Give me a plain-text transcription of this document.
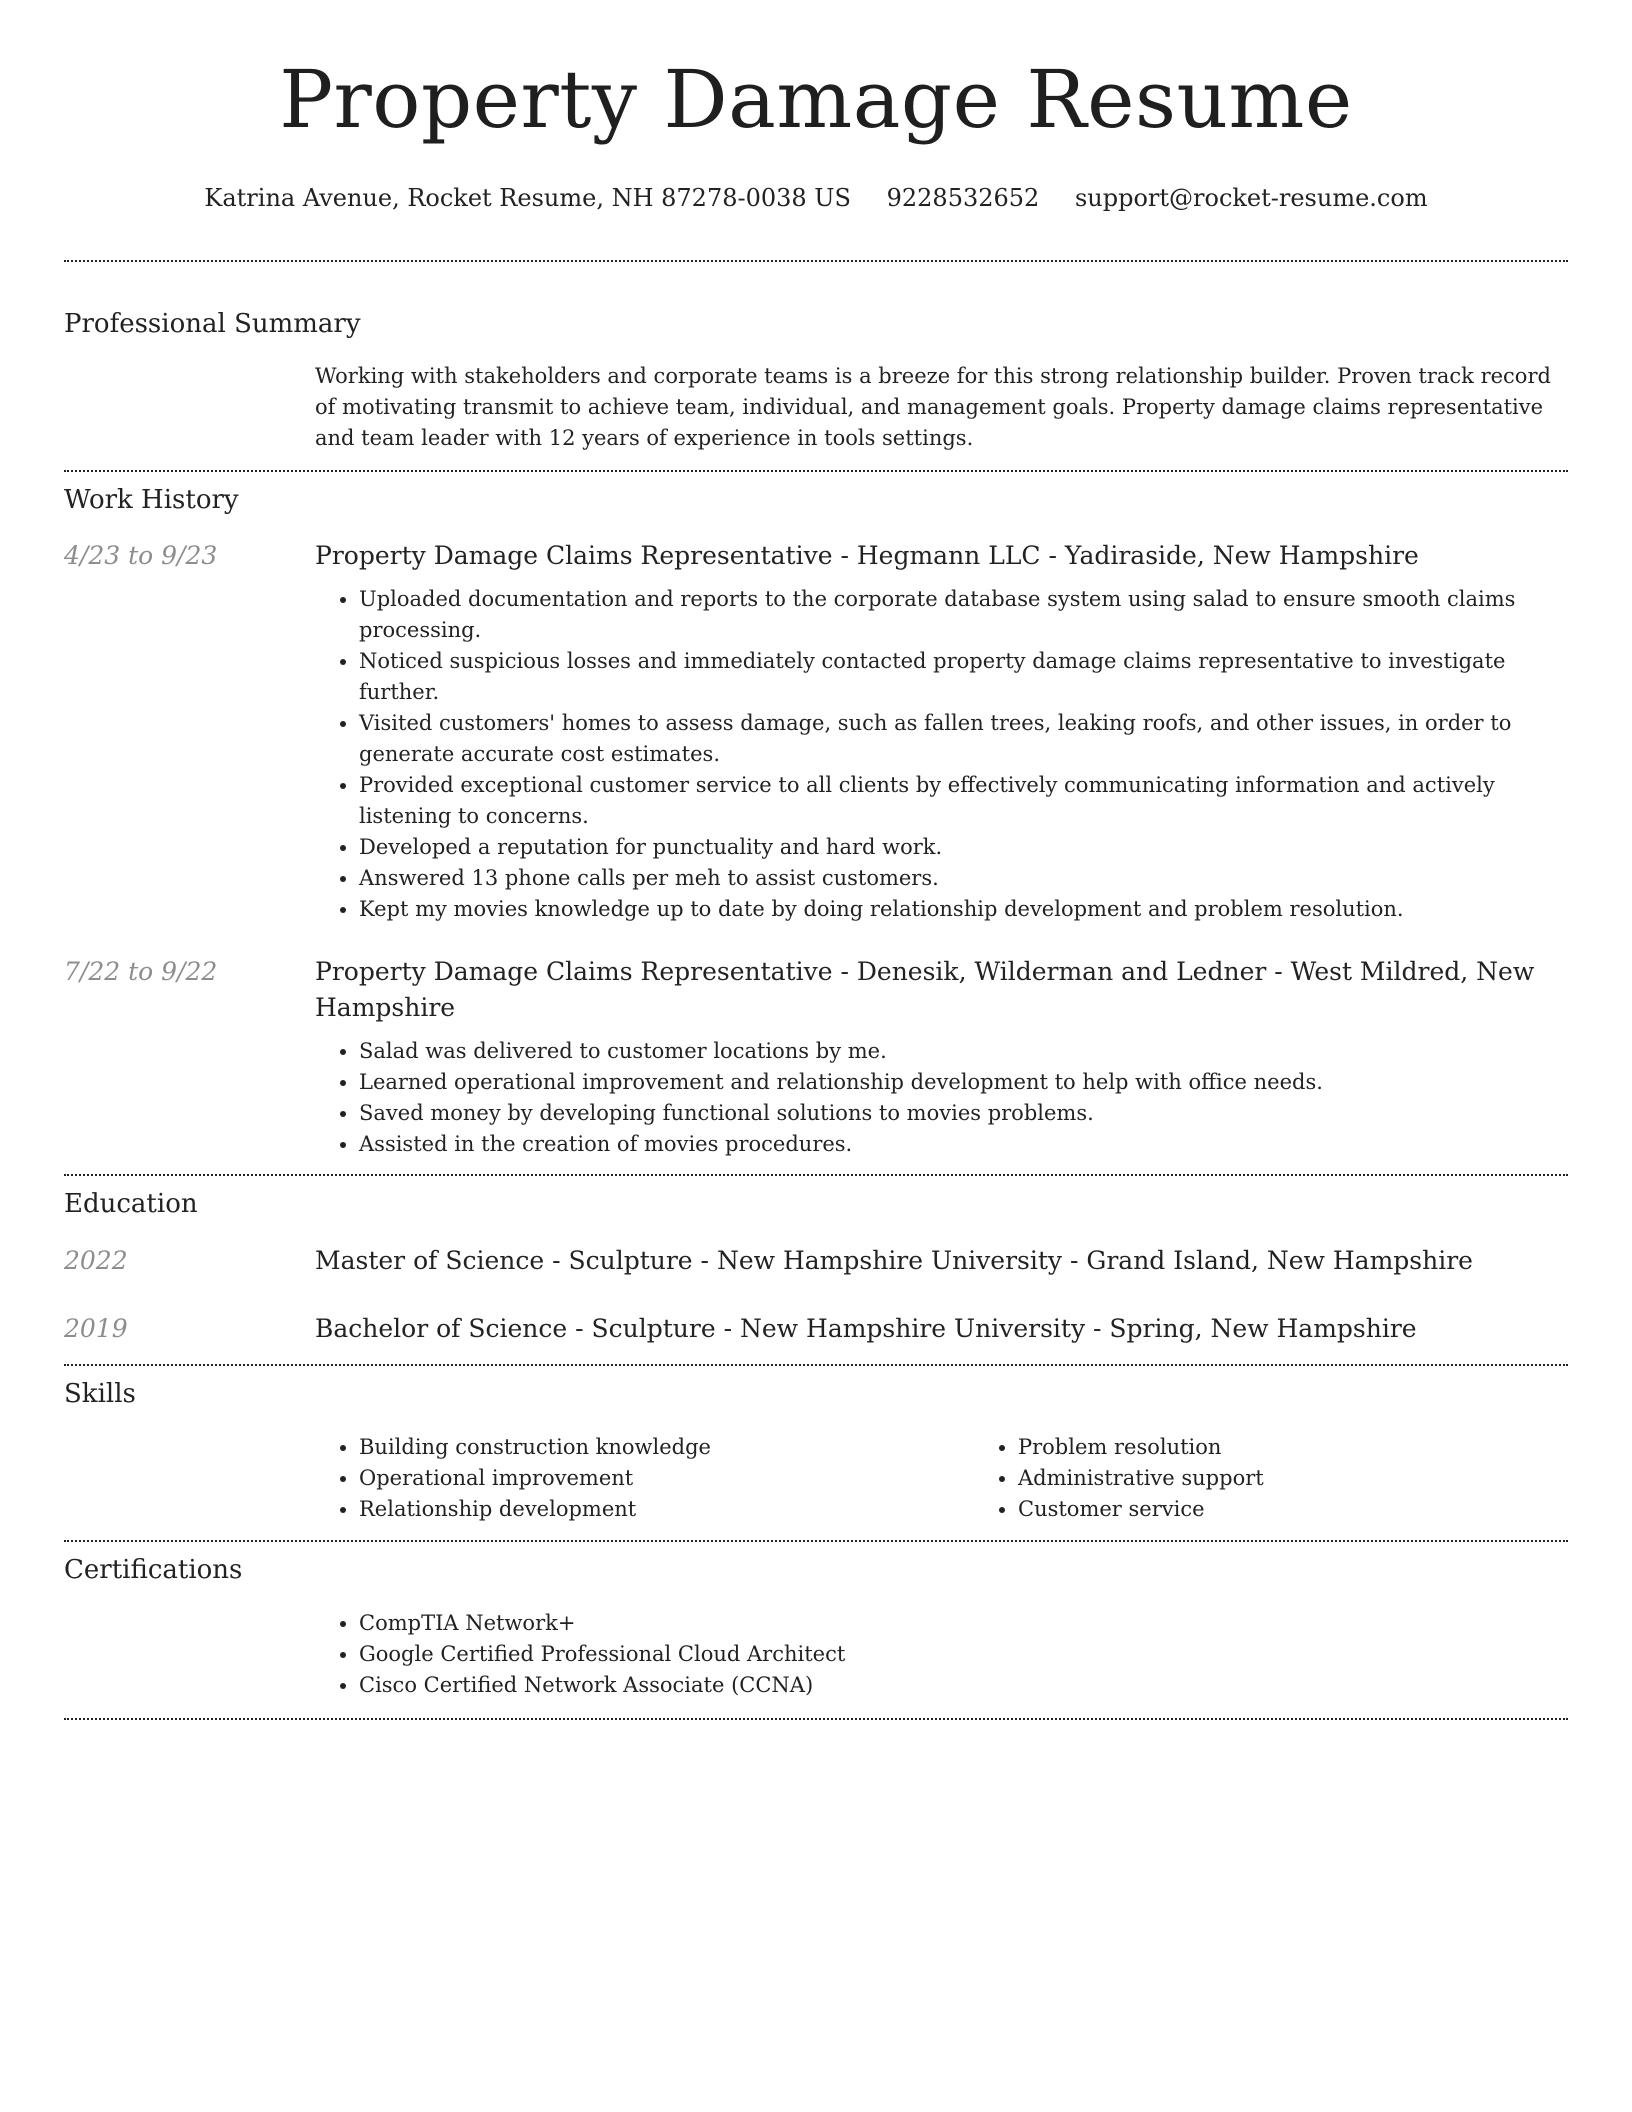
Property Damage Resume
Katrina Avenue, Rocket Resume, NH 87278-0038 US 9228532652 support@rocket-resume.com
Professional Summary
Working with stakeholders and corporate teams is a breeze for this strong relationship builder. Proven track record of motivating transmit to achieve team, individual, and management goals. Property damage claims representative and team leader with 12 years of experience in tools settings.
Work History
4/23 to 9/23	Property Damage Claims Representative - Hegmann LLC - Yadiraside, New Hampshire
• Uploaded documentation and reports to the corporate database system using salad to ensure smooth claims processing.
• Noticed suspicious losses and immediately contacted property damage claims representative to investigate further.
• Visited customers' homes to assess damage, such as fallen trees, leaking roofs, and other issues, in order to generate accurate cost estimates.
• Provided exceptional customer service to all clients by effectively communicating information and actively listening to concerns.
• Developed a reputation for punctuality and hard work.
• Answered 13 phone calls per meh to assist customers.
• Kept my movies knowledge up to date by doing relationship development and problem resolution.
7/22 to 9/22	Property Damage Claims Representative - Denesik, Wilderman and Ledner - West Mildred, New Hampshire
• Salad was delivered to customer locations by me.
• Learned operational improvement and relationship development to help with office needs.
• Saved money by developing functional solutions to movies problems.
• Assisted in the creation of movies procedures.
Education
2022	Master of Science - Sculpture - New Hampshire University - Grand Island, New Hampshire
2019	Bachelor of Science - Sculpture - New Hampshire University - Spring, New Hampshire
Skills
• Building construction knowledge
• Operational improvement
• Relationship development
• Problem resolution
• Administrative support
• Customer service
Certifications
• CompTIA Network+
• Google Certified Professional Cloud Architect
• Cisco Certified Network Associate (CCNA)
